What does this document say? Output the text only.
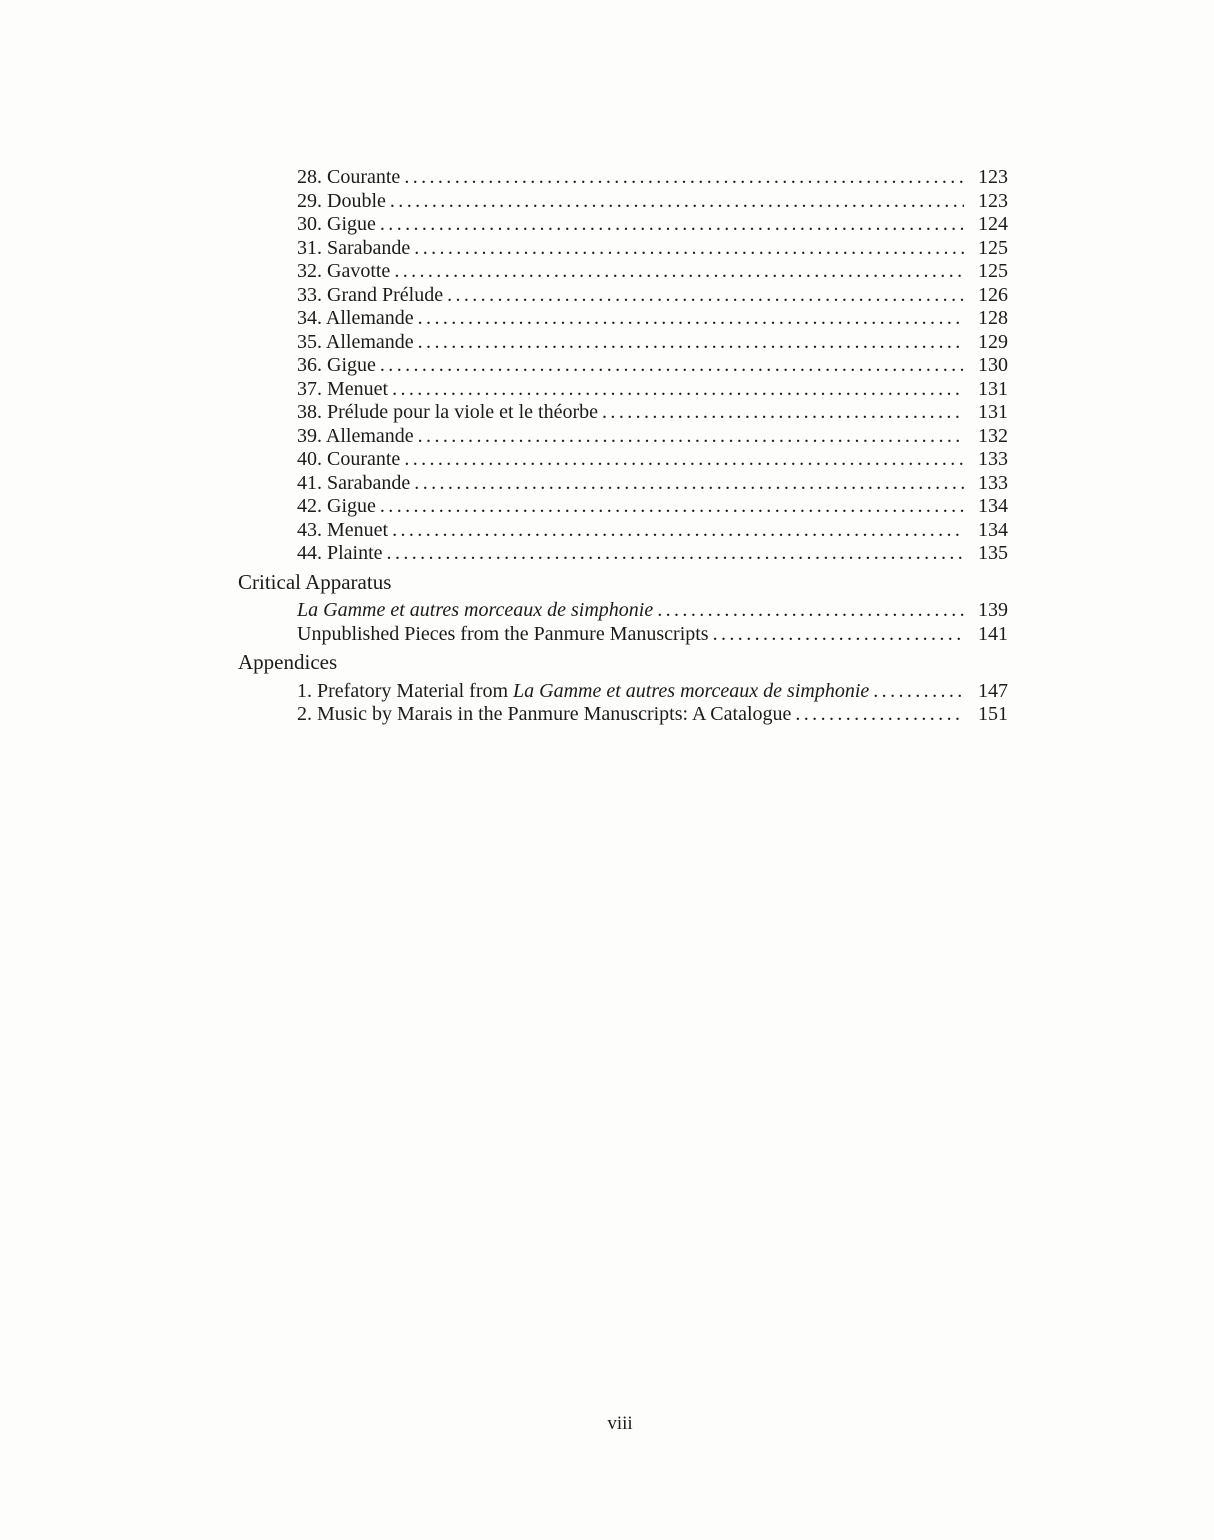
28. Courante .....	123
29. Double .....	123
30. Gigue .....	124
31. Sarabande .....	125
32. Gavotte .....	125
33. Grand Prélude .....	126
34. Allemande .....	128
35. Allemande .....	129
36. Gigue .....	130
37. Menuet .....	131
38. Prélude pour la viole et le théorbe .....	131
39. Allemande .....	132
40. Courante .....	133
41. Sarabande .....	133
42. Gigue .....	134
43. Menuet .....	134
44. Plainte .....	135
Critical Apparatus
La Gamme et autres morceaux de simphonie .....	139
Unpublished Pieces from the Panmure Manuscripts .....	141
Appendices
1. Prefatory Material from La Gamme et autres morceaux de simphonie .....	147
2. Music by Marais in the Panmure Manuscripts: A Catalogue .....	151
viii
